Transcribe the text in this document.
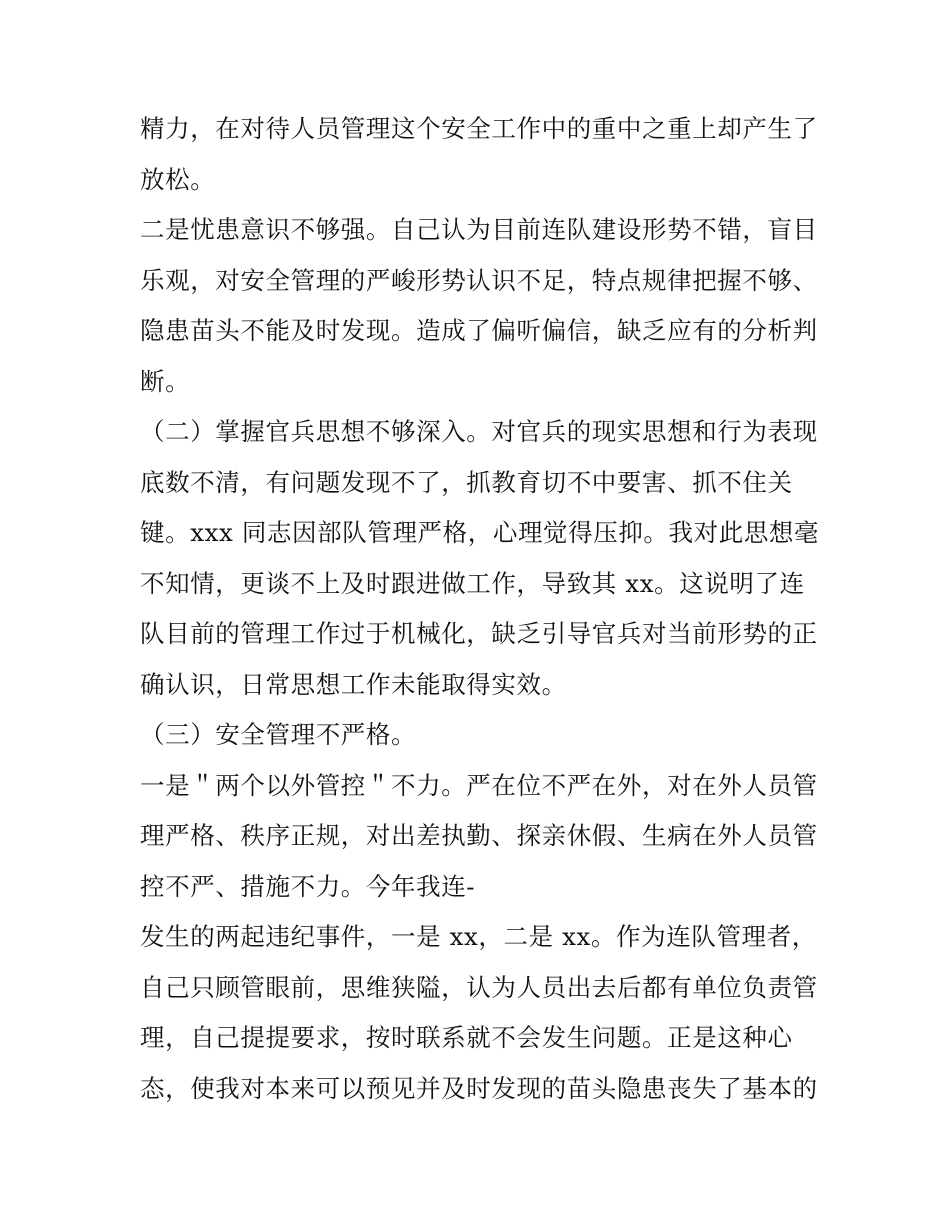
精力，在对待人员管理这个安全工作中的重中之重上却产生了
放松。
二是忧患意识不够强。自己认为目前连队建设形势不错，盲目
乐观，对安全管理的严峻形势认识不足，特点规律把握不够、
隐患苗头不能及时发现。造成了偏听偏信，缺乏应有的分析判
断。
（二）掌握官兵思想不够深入。对官兵的现实思想和行为表现
底数不清，有问题发现不了，抓教育切不中要害、抓不住关
键。xxx 同志因部队管理严格，心理觉得压抑。我对此思想毫
不知情，更谈不上及时跟进做工作，导致其 xx。这说明了连
队目前的管理工作过于机械化，缺乏引导官兵对当前形势的正
确认识，日常思想工作未能取得实效。
（三）安全管理不严格。
一是＂两个以外管控＂不力。严在位不严在外，对在外人员管
理严格、秩序正规，对出差执勤、探亲休假、生病在外人员管
控不严、措施不力。今年我连-
发生的两起违纪事件，一是 xx，二是 xx。作为连队管理者，
自己只顾管眼前，思维狭隘，认为人员出去后都有单位负责管
理，自己提提要求，按时联系就不会发生问题。正是这种心
态，使我对本来可以预见并及时发现的苗头隐患丧失了基本的
